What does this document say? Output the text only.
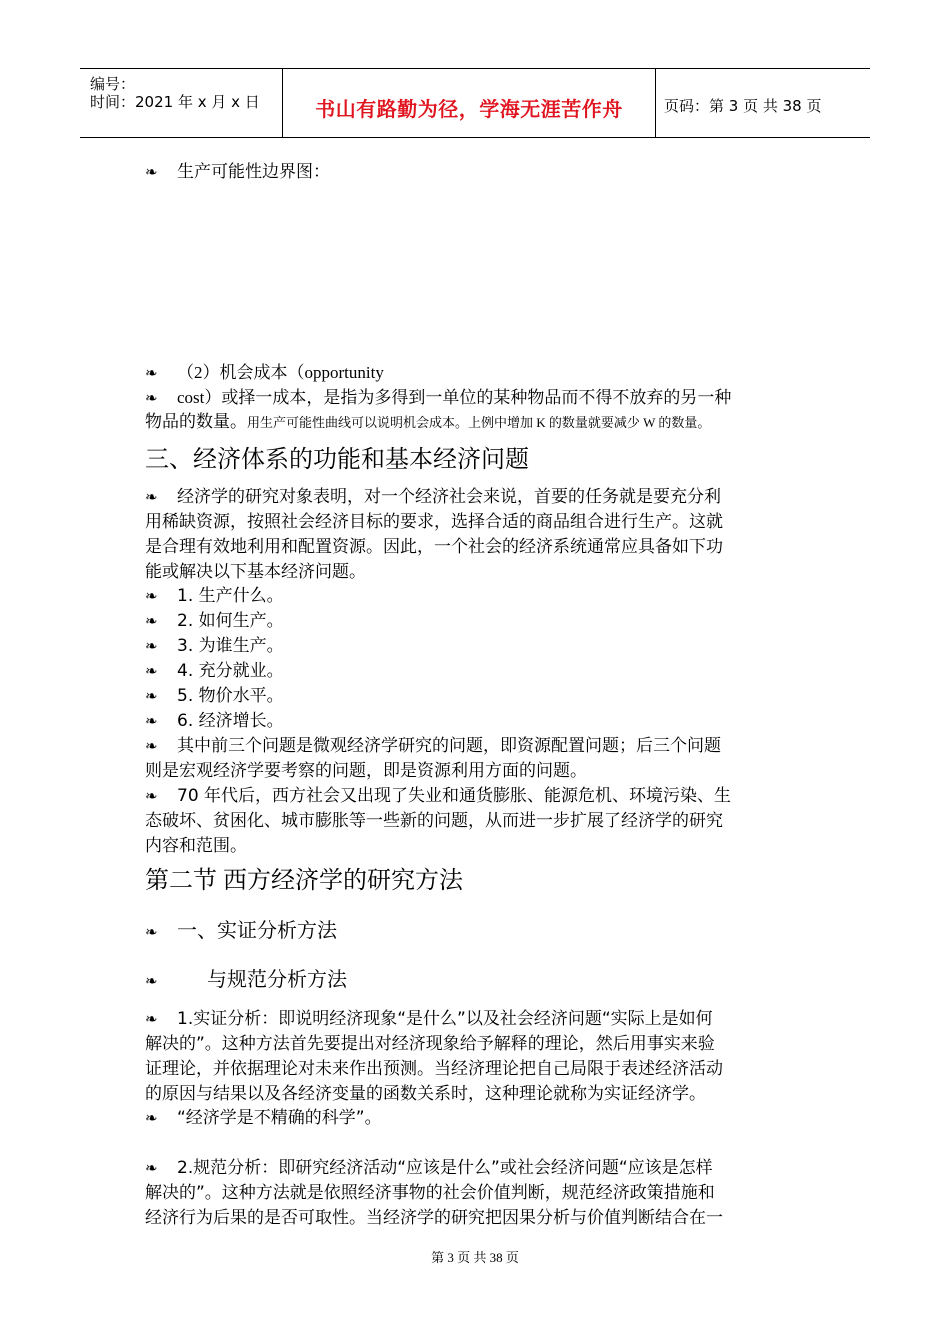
编号：
时间：2021 年 x 月 x 日	书山有路勤为径，学海无涯苦作舟	页码：第 3 页 共 38 页
❧ 生产可能性边界图：
❧ （2）机会成本（opportunity
❧ cost）或择一成本，是指为多得到一单位的某种物品而不得不放弃的另一种
物品的数量。用生产可能性曲线可以说明机会成本。上例中增加 K 的数量就要减少 W 的数量。
三、经济体系的功能和基本经济问题
❧ 经济学的研究对象表明，对一个经济社会来说，首要的任务就是要充分利
用稀缺资源，按照社会经济目标的要求，选择合适的商品组合进行生产。这就
是合理有效地利用和配置资源。因此，一个社会的经济系统通常应具备如下功
能或解决以下基本经济问题。
❧ 1. 生产什么。
❧ 2. 如何生产。
❧ 3. 为谁生产。
❧ 4. 充分就业。
❧ 5. 物价水平。
❧ 6. 经济增长。
❧ 其中前三个问题是微观经济学研究的问题，即资源配置问题；后三个问题
则是宏观经济学要考察的问题，即是资源利用方面的问题。
❧ 70 年代后，西方社会又出现了失业和通货膨胀、能源危机、环境污染、生
态破坏、贫困化、城市膨胀等一些新的问题，从而进一步扩展了经济学的研究
内容和范围。
第二节 西方经济学的研究方法
❧ 一、实证分析方法
❧ 与规范分析方法
❧ 1.实证分析：即说明经济现象“是什么”以及社会经济问题“实际上是如何
解决的”。这种方法首先要提出对经济现象给予解释的理论，然后用事实来验
证理论，并依据理论对未来作出预测。当经济理论把自己局限于表述经济活动
的原因与结果以及各经济变量的函数关系时，这种理论就称为实证经济学。
❧ “经济学是不精确的科学”。
❧ 2.规范分析：即研究经济活动“应该是什么”或社会经济问题“应该是怎样
解决的”。这种方法就是依照经济事物的社会价值判断，规范经济政策措施和
经济行为后果的是否可取性。当经济学的研究把因果分析与价值判断结合在一
第 3 页 共 38 页
